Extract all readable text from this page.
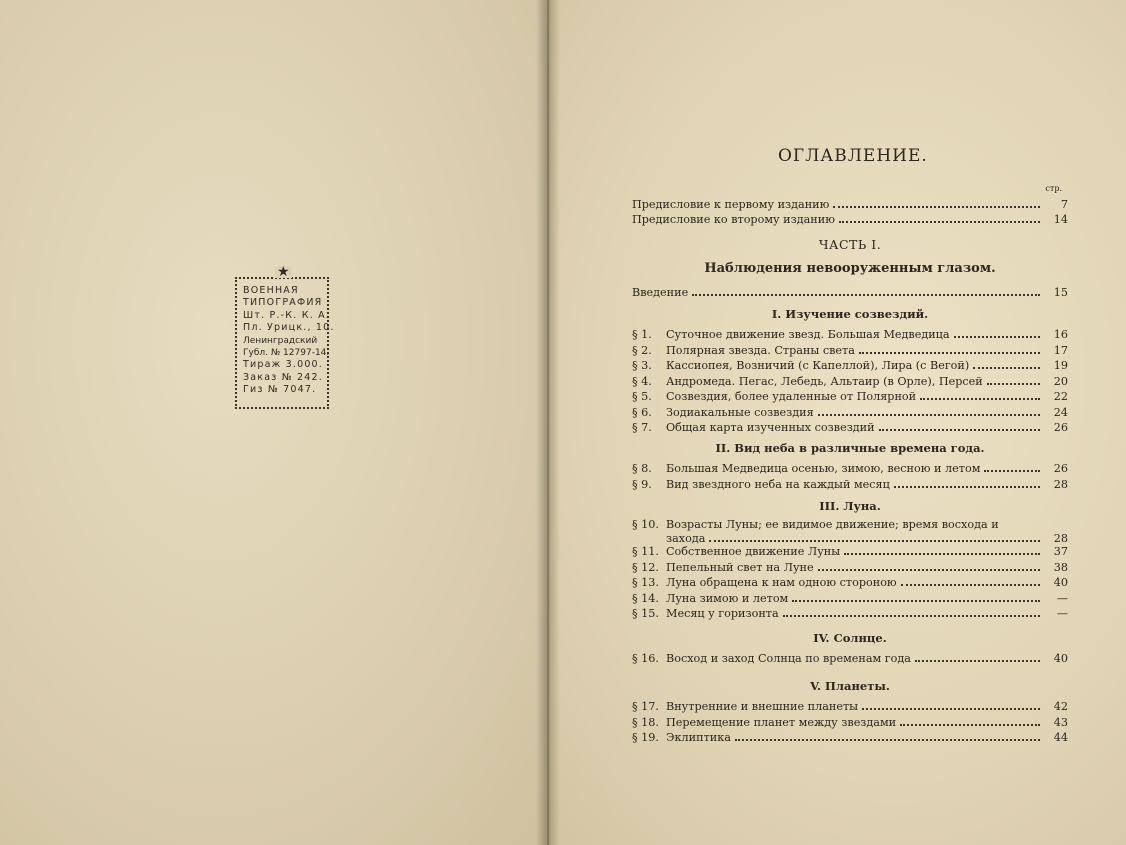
★
ВОЕННАЯ
ТИПОГРАФИЯ
Шт. Р.-К. К. А.
Пл. Урицк., 10.
Ленинградский
Губл. № 12797-14.
Тираж 3.000.
Заказ № 242.
Гиз № 7047.
ОГЛАВЛЕНИЕ.
стр.
Предисловие к первому изданию	7
Предисловие ко второму изданию	14
ЧАСТЬ I.
Наблюдения невооруженным глазом.
Введение	15
I. Изучение созвездий.
§ 1.	Суточное движение звезд. Большая Медведица	16
§ 2.	Полярная звезда. Страны света	17
§ 3.	Кассиопея, Возничий (с Капеллой), Лира (с Вегой)	19
§ 4.	Андромеда. Пегас, Лебедь, Альтаир (в Орле), Персей	20
§ 5.	Созвездия, более удаленные от Полярной	22
§ 6.	Зодиакальные созвездия	24
§ 7.	Общая карта изученных созвездий	26
II. Вид неба в различные времена года.
§ 8.	Большая Медведица осенью, зимою, весною и летом	26
§ 9.	Вид звездного неба на каждый месяц	28
III. Луна.
§ 10. Возрасты Луны; ее видимое движение; время восхода и
захода	28
§ 11. Собственное движение Луны	37
§ 12. Пепельный свет на Луне	38
§ 13. Луна обращена к нам одною стороною	40
§ 14. Луна зимою и летом	—
§ 15. Месяц у горизонта	—
IV. Солнце.
§ 16. Восход и заход Солнца по временам года	40
V. Планеты.
§ 17. Внутренние и внешние планеты	42
§ 18. Перемещение планет между звездами	43
§ 19. Эклиптика	44
